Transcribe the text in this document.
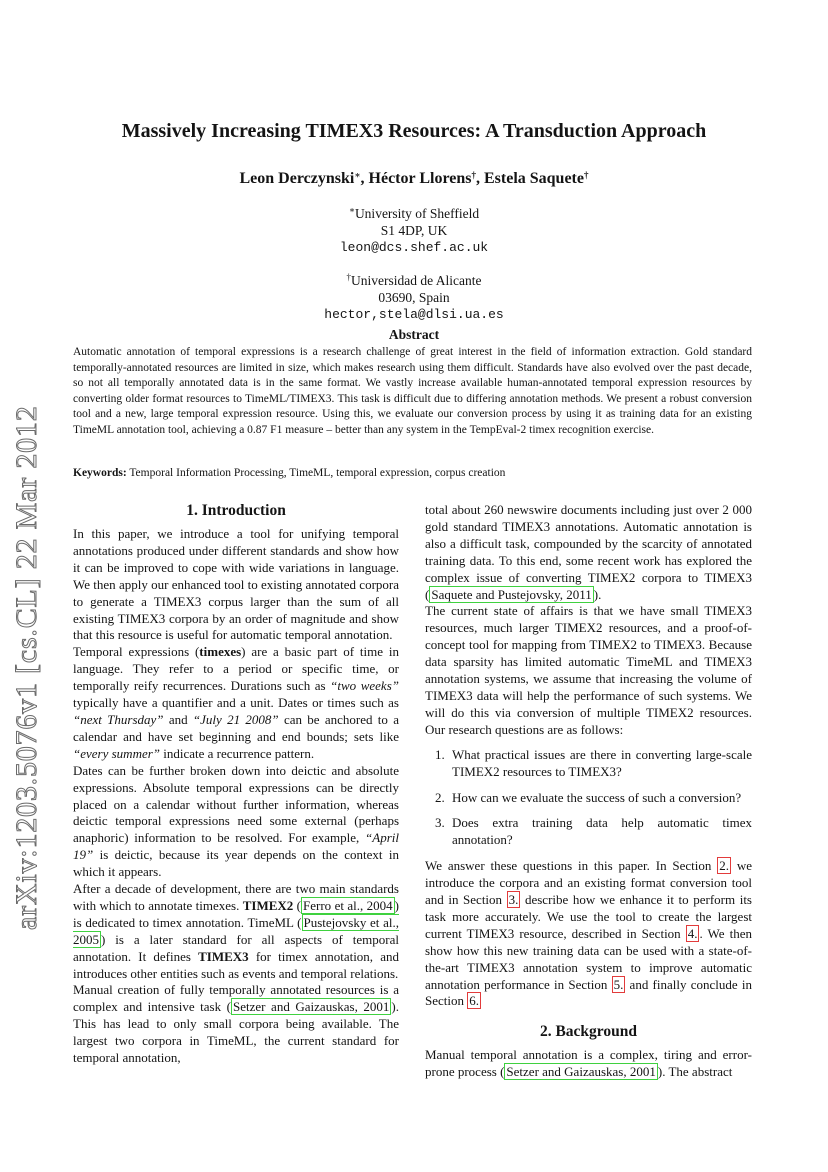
arXiv:1203.5076v1 [cs.CL] 22 Mar 2012
Massively Increasing TIMEX3 Resources: A Transduction Approach
Leon Derczynski∗, Héctor Llorens†, Estela Saquete†
∗University of Sheffield
S1 4DP, UK
leon@dcs.shef.ac.uk
†Universidad de Alicante
03690, Spain
hector,stela@dlsi.ua.es
Abstract
Automatic annotation of temporal expressions is a research challenge of great interest in the field of information extraction. Gold standard temporally-annotated resources are limited in size, which makes research using them difficult. Standards have also evolved over the past decade, so not all temporally annotated data is in the same format. We vastly increase available human-annotated temporal expression resources by converting older format resources to TimeML/TIMEX3. This task is difficult due to differing annotation methods. We present a robust conversion tool and a new, large temporal expression resource. Using this, we evaluate our conversion process by using it as training data for an existing TimeML annotation tool, achieving a 0.87 F1 measure – better than any system in the TempEval-2 timex recognition exercise.
Keywords: Temporal Information Processing, TimeML, temporal expression, corpus creation
1. Introduction

In this paper, we introduce a tool for unifying temporal annotations produced under different standards and show how it can be improved to cope with wide variations in language. We then apply our enhanced tool to existing annotated corpora to generate a TIMEX3 corpus larger than the sum of all existing TIMEX3 corpora by an order of magnitude and show that this resource is useful for automatic temporal annotation.

Temporal expressions (timexes) are a basic part of time in language. They refer to a period or specific time, or temporally reify recurrences. Durations such as “two weeks” typically have a quantifier and a unit. Dates or times such as “next Thursday” and “July 21 2008” can be anchored to a calendar and have set beginning and end bounds; sets like “every summer” indicate a recurrence pattern.

Dates can be further broken down into deictic and absolute expressions. Absolute temporal expressions can be directly placed on a calendar without further information, whereas deictic temporal expressions need some external (perhaps anaphoric) information to be resolved. For example, “April 19” is deictic, because its year depends on the context in which it appears.

After a decade of development, there are two main standards with which to annotate timexes. TIMEX2 ( Ferro et al., 2004 ) is dedicated to timex annotation. TimeML ( Pustejovsky et al., 2005 ) is a later standard for all aspects of temporal annotation. It defines TIMEX3 for timex annotation, and introduces other entities such as events and temporal relations.

Manual creation of fully temporally annotated resources is a complex and intensive task ( Setzer and Gaizauskas, 2001 ). This has lead to only small corpora being available. The largest two corpora in TimeML, the current standard for temporal annotation,

total about 260 newswire documents including just over 2 000 gold standard TIMEX3 annotations. Automatic annotation is also a difficult task, compounded by the scarcity of annotated training data. To this end, some recent work has explored the complex issue of converting TIMEX2 corpora to TIMEX3 ( Saquete and Pustejovsky, 2011 ).

The current state of affairs is that we have small TIMEX3 resources, much larger TIMEX2 resources, and a proof-of-concept tool for mapping from TIMEX2 to TIMEX3. Because data sparsity has limited automatic TimeML and TIMEX3 annotation systems, we assume that increasing the volume of TIMEX3 data will help the performance of such systems. We will do this via conversion of multiple TIMEX2 resources. Our research questions are as follows:

1. What practical issues are there in converting large-scale TIMEX2 resources to TIMEX3?
2. How can we evaluate the success of such a conversion?
3. Does extra training data help automatic timex annotation?

We answer these questions in this paper. In Section 2. we introduce the corpora and an existing format conversion tool and in Section 3. describe how we enhance it to perform its task more accurately. We use the tool to create the largest current TIMEX3 resource, described in Section 4. . We then show how this new training data can be used with a state-of-the-art TIMEX3 annotation system to improve automatic annotation performance in Section 5. and finally conclude in Section 6.

2. Background

Manual temporal annotation is a complex, tiring and error-prone process ( Setzer and Gaizauskas, 2001 ). The abstract
